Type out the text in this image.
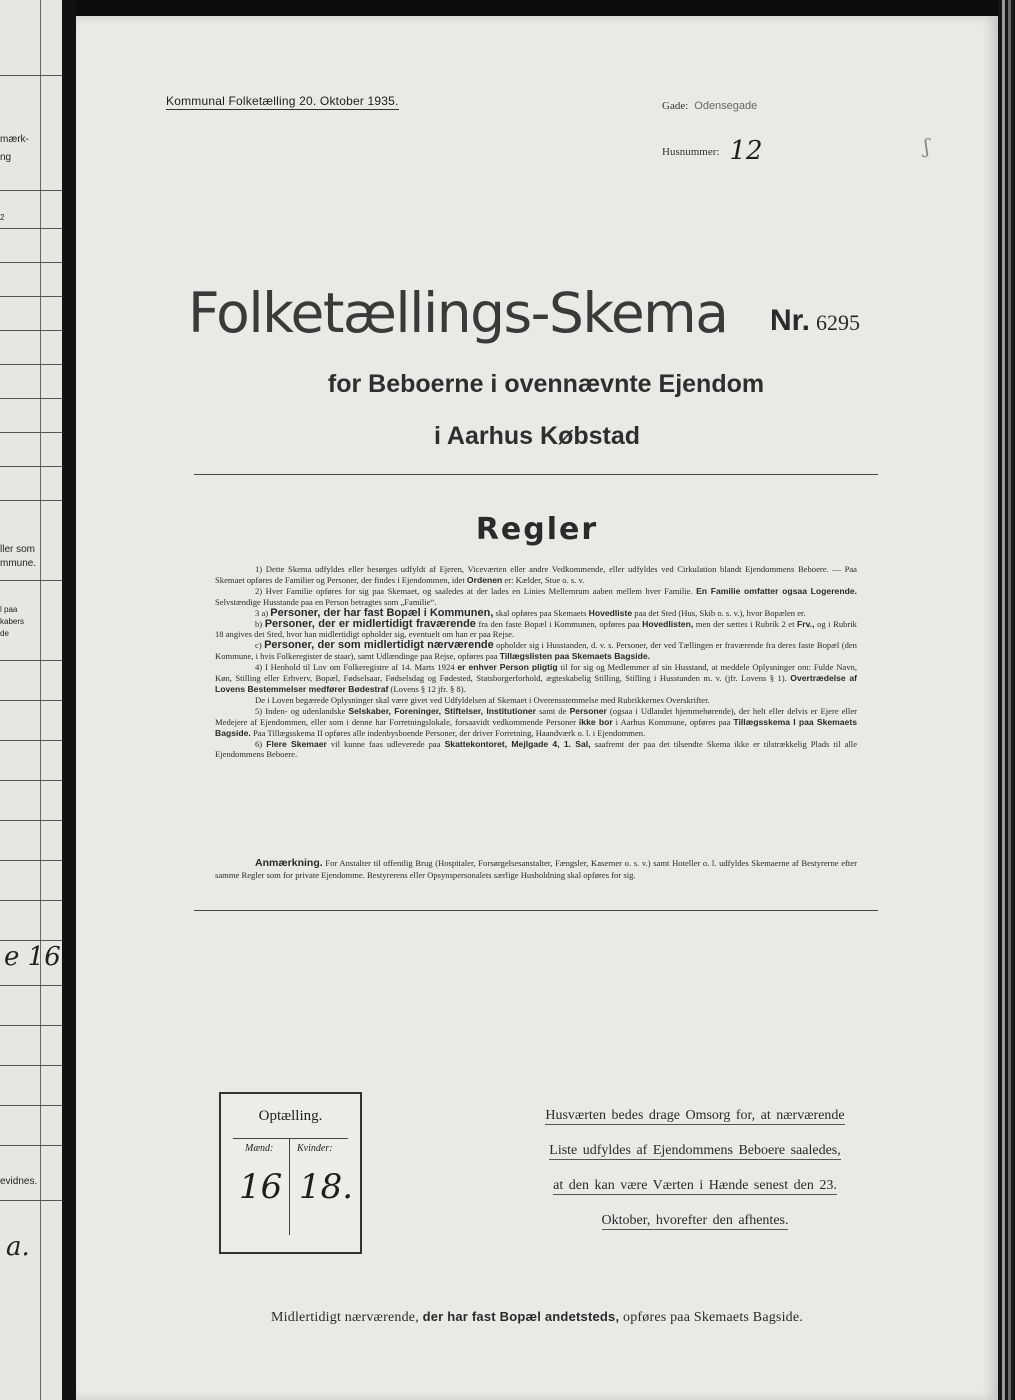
mærk-
ng
2
ller som
mmune.
l paa
kabers
de
e 16
evidnes.
a.
Kommunal Folketælling 20. Oktober 1935.	Gade: Odensegade
Husnummer: 12	ʃ
Folketællings-Skema Nr. 6295
for Beboerne i ovennævnte Ejendom
i Aarhus Købstad
Regler

1) Dette Skema udfyldes eller besørges udfyldt af Ejeren, Viceværten eller andre Vedkommende, eller udfyldes ved Cirkulation blandt Ejendommens Beboere. — Paa Skemaet opføres de Familier og Personer, der findes i Ejendommen, idet Ordenen er: Kælder, Stue o. s. v.

2) Hver Familie opføres for sig paa Skemaet, og saaledes at der lades en Linies Mellemrum aaben mellem hver Familie. En Familie omfatter ogsaa Logerende. Selvstændige Husstande paa en Person betragtes som „Familie“.

3 a) Personer, der har fast Bopæl i Kommunen, skal opføres paa Skemaets Hovedliste paa det Sted (Hus, Skib o. s. v.), hvor Bopælen er.

b) Personer, der er midlertidigt fraværende fra den faste Bopæl i Kommunen, opføres paa Hovedlisten, men der sættes i Rubrik 2 et Frv., og i Rubrik 18 angives det Sted, hvor han midlertidigt opholder sig, eventuelt om han er paa Rejse.

c) Personer, der som midlertidigt nærværende opholder sig i Husstanden, d. v. s. Personer, der ved Tællingen er fraværende fra deres faste Bopæl (den Kommune, i hvis Folkeregister de staar), samt Udlændinge paa Rejse, opføres paa Tillægslisten paa Skemaets Bagside.

4) I Henhold til Lov om Folkeregistre af 14. Marts 1924 er enhver Person pligtig til for sig og Medlemmer af sin Husstand, at meddele Oplysninger om: Fulde Navn, Køn, Stilling eller Erhverv, Bopæl, Fødselsaar, Fødselsdag og Fødested, Statsborgerforhold, ægteskabelig Stilling, Stilling i Husstanden m. v. (jfr. Lovens § 1). Overtrædelse af Lovens Bestemmelser medfører Bødestraf (Lovens § 12 jfr. § 8).

De i Loven begærede Oplysninger skal være givet ved Udfyldelsen af Skemaet i Overensstemmelse med Rubrikkernes Overskrifter.

5) Inden- og udenlandske Selskaber, Foreninger, Stiftelser, Institutioner samt de Personer (ogsaa i Udlandet hjemmehørende), der helt eller delvis er Ejere eller Medejere af Ejendommen, eller som i denne har Forretningslokale, forsaavidt vedkommende Personer ikke bor i Aarhus Kommune, opføres paa Tillægsskema I paa Skemaets Bagside. Paa Tillægsskema II opføres alle indenbysboende Personer, der driver Forretning, Haandværk o. l. i Ejendommen.

6) Flere Skemaer vil kunne faas udleverede paa Skattekontoret, Mejlgade 4, 1. Sal, saafremt der paa det tilsendte Skema ikke er tilstrækkelig Plads til alle Ejendommens Beboere.

Anmærkning. For Anstalter til offentlig Brug (Hospitaler, Forsørgelsesanstalter, Fængsler, Kaserner o. s. v.) samt Hoteller o. l. udfyldes Skemaerne af Bestyrerne efter samme Regler som for private Ejendomme. Bestyrerens eller Opsynspersonalets særlige Husholdning skal opføres for sig.

Optælling.
Mænd: Kvinder:
16 18.
Husværten bedes drage Omsorg for, at nærværende
Liste udfyldes af Ejendommens Beboere saaledes,
at den kan være Værten i Hænde senest den 23.
Oktober, hvorefter den afhentes.
Midlertidigt nærværende, der har fast Bopæl andetsteds, opføres paa Skemaets Bagside.
